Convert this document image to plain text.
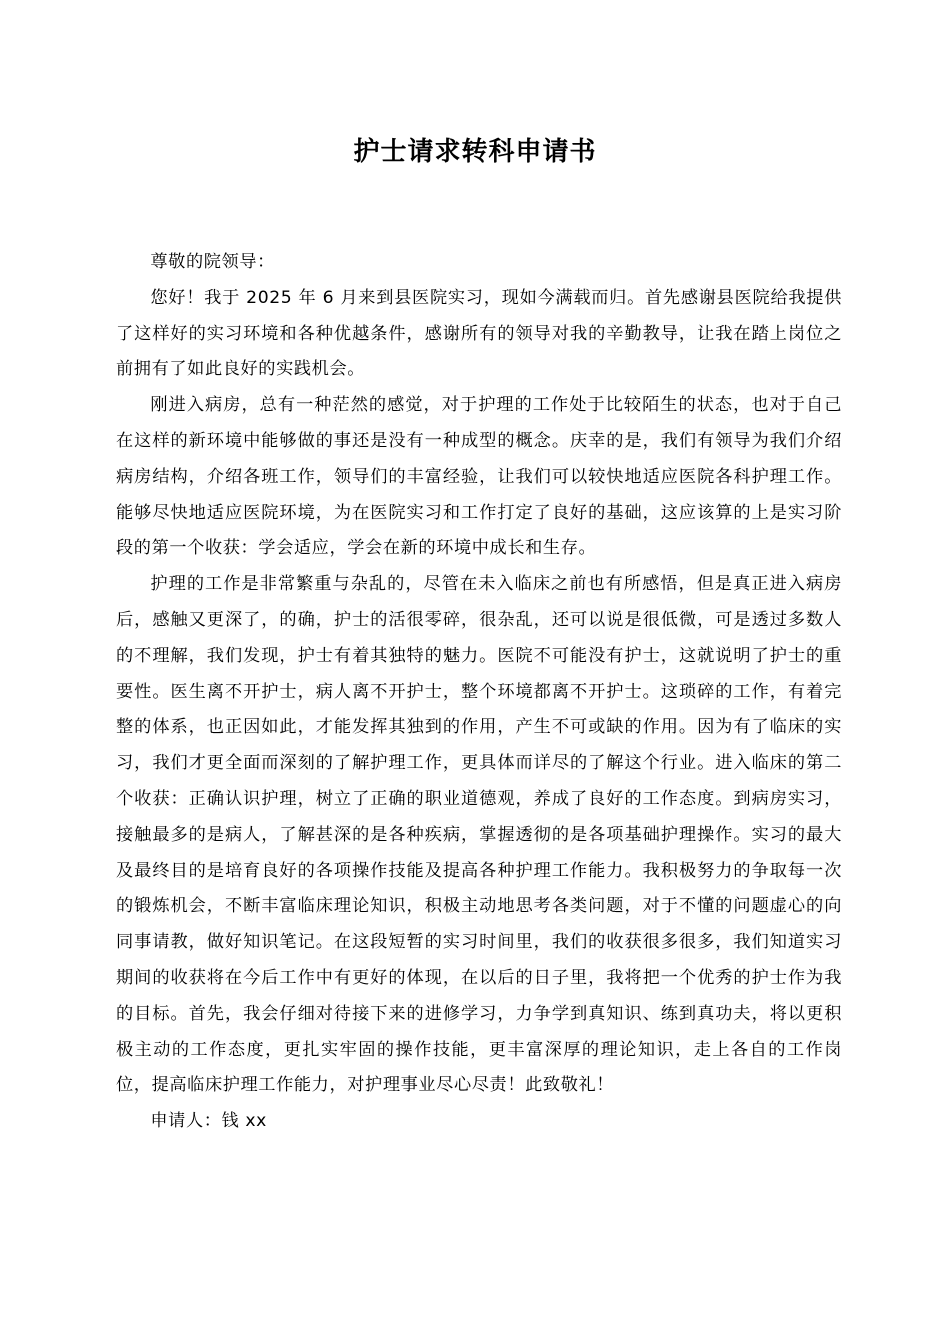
护士请求转科申请书

尊敬的院领导：

您好！我于 2025 年 6 月来到县医院实习，现如今满载而归。首先感谢县医院给我提供了这样好的实习环境和各种优越条件，感谢所有的领导对我的辛勤教导，让我在踏上岗位之前拥有了如此良好的实践机会。

刚进入病房，总有一种茫然的感觉，对于护理的工作处于比较陌生的状态，也对于自己在这样的新环境中能够做的事还是没有一种成型的概念。庆幸的是，我们有领导为我们介绍病房结构，介绍各班工作，领导们的丰富经验，让我们可以较快地适应医院各科护理工作。能够尽快地适应医院环境，为在医院实习和工作打定了良好的基础，这应该算的上是实习阶段的第一个收获：学会适应，学会在新的环境中成长和生存。

护理的工作是非常繁重与杂乱的，尽管在未入临床之前也有所感悟，但是真正进入病房后，感触又更深了，的确，护士的活很零碎，很杂乱，还可以说是很低微，可是透过多数人的不理解，我们发现，护士有着其独特的魅力。医院不可能没有护士，这就说明了护士的重要性。医生离不开护士，病人离不开护士，整个环境都离不开护士。这琐碎的工作，有着完整的体系，也正因如此，才能发挥其独到的作用，产生不可或缺的作用。因为有了临床的实习，我们才更全面而深刻的了解护理工作，更具体而详尽的了解这个行业。进入临床的第二个收获：正确认识护理，树立了正确的职业道德观，养成了良好的工作态度。到病房实习，接触最多的是病人，了解甚深的是各种疾病，掌握透彻的是各项基础护理操作。实习的最大及最终目的是培育良好的各项操作技能及提高各种护理工作能力。我积极努力的争取每一次的锻炼机会，不断丰富临床理论知识，积极主动地思考各类问题，对于不懂的问题虚心的向同事请教，做好知识笔记。在这段短暂的实习时间里，我们的收获很多很多，我们知道实习期间的收获将在今后工作中有更好的体现，在以后的日子里，我将把一个优秀的护士作为我的目标。首先，我会仔细对待接下来的进修学习，力争学到真知识、练到真功夫，将以更积极主动的工作态度，更扎实牢固的操作技能，更丰富深厚的理论知识，走上各自的工作岗位，提高临床护理工作能力，对护理事业尽心尽责！此致敬礼！

申请人：钱 xx
